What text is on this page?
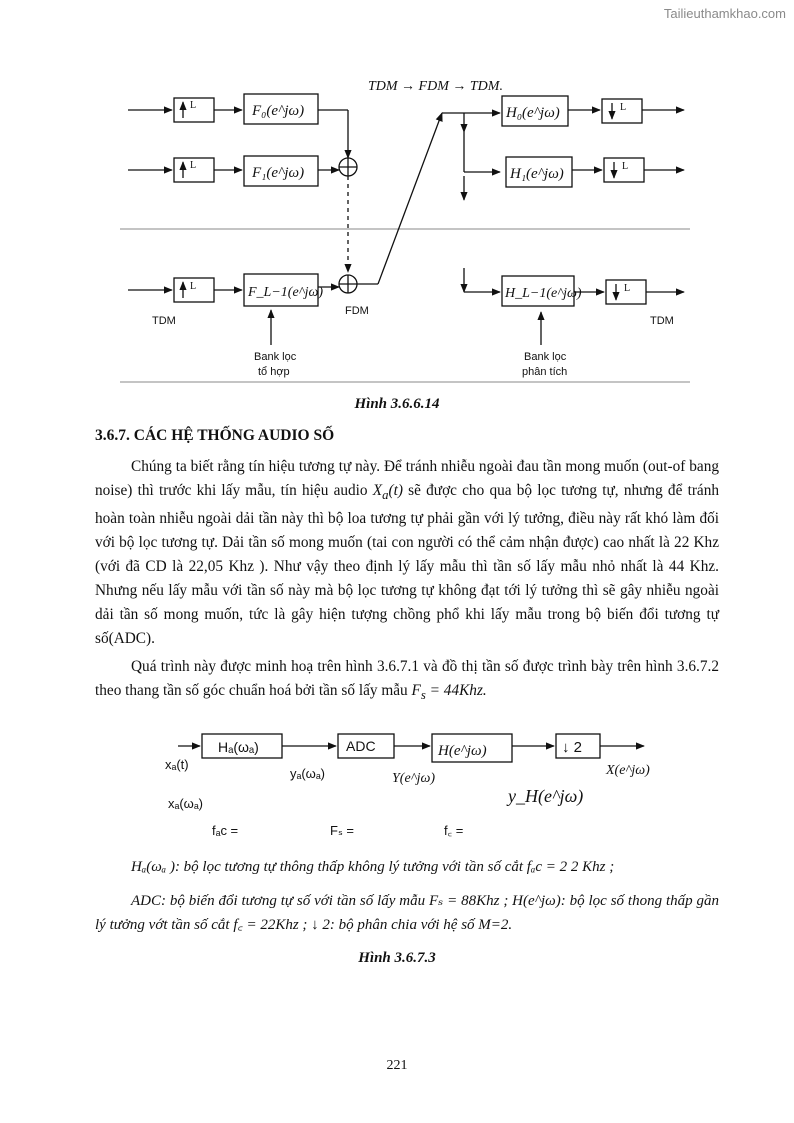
Tailieuthamkhao.com
TDM → FDM → TDM.
L	F₀(e^jω)
L	F₁(e^jω)
L	F_L−1(e^jω)
H₀(e^jω)
H₁(e^jω)
H_L−1(e^jω)
L
L
L
TDM
FDM
TDM
Bank lọc
tổ hợp
Bank lọc
phân tích
Hình 3.6.6.14
3.6.7. CÁC HỆ THỐNG AUDIO SỐ

Chúng ta biết rằng tín hiệu tương tự này. Để tránh nhiễu ngoài đau tần mong muốn (out-of bang noise) thì trước khi lấy mẫu, tín hiệu audio $X_a(t)$ sẽ được cho qua bộ lọc tương tự, nhưng để tránh hoàn toàn nhiễu ngoài dải tần này thì bộ loa tương tự phải gần với lý tưởng, điều này rất khó làm đối với bộ lọc tương tự. Dải tần số mong muốn (tai con người có thể cảm nhận được) cao nhất là 22 Khz (với đã CD là 22,05 Khz ). Như vậy theo định lý lấy mẫu thì tần số lấy mẫu nhỏ nhất là 44 Khz. Nhưng nếu lấy mẫu với tần số này mà bộ lọc tương tự không đạt tới lý tưởng thì sẽ gây nhiễu ngoài dải tần số mong muốn, tức là gây hiện tượng chồng phổ khi lấy mẫu trong bộ biến đổi tương tự số(ADC).

Quá trình này được minh hoạ trên hình 3.6.7.1 và đồ thị tần số được trình bày trên hình 3.6.7.2 theo thang tần số góc chuẩn hoá bởi tần số lấy mẫu $F_s = 44Khz$.

Hₐ(ωₐ)	ADC	H(e^jω)	↓ 2
xₐ(t)
xₐ(ωₐ)
yₐ(ωₐ)	Y(e^jω)
y_H(e^jω)
X(e^jω)
fₐc =	Fₛ =	f꜀ =

Hₐ(ωₐ ): bộ lọc tương tự thông thấp không lý tưởng với tần số cắt fₐc = 2 2 Khz ;

ADC: bộ biến đổi tương tự số với tần số lấy mẫu Fₛ = 88Khz ; H(e^jω): bộ lọc số thong thấp gần lý tưởng vớt tần số cắt f꜀ = 22Khz ; ↓ 2: bộ phân chia với hệ số M=2.

Hình 3.6.7.3
221
